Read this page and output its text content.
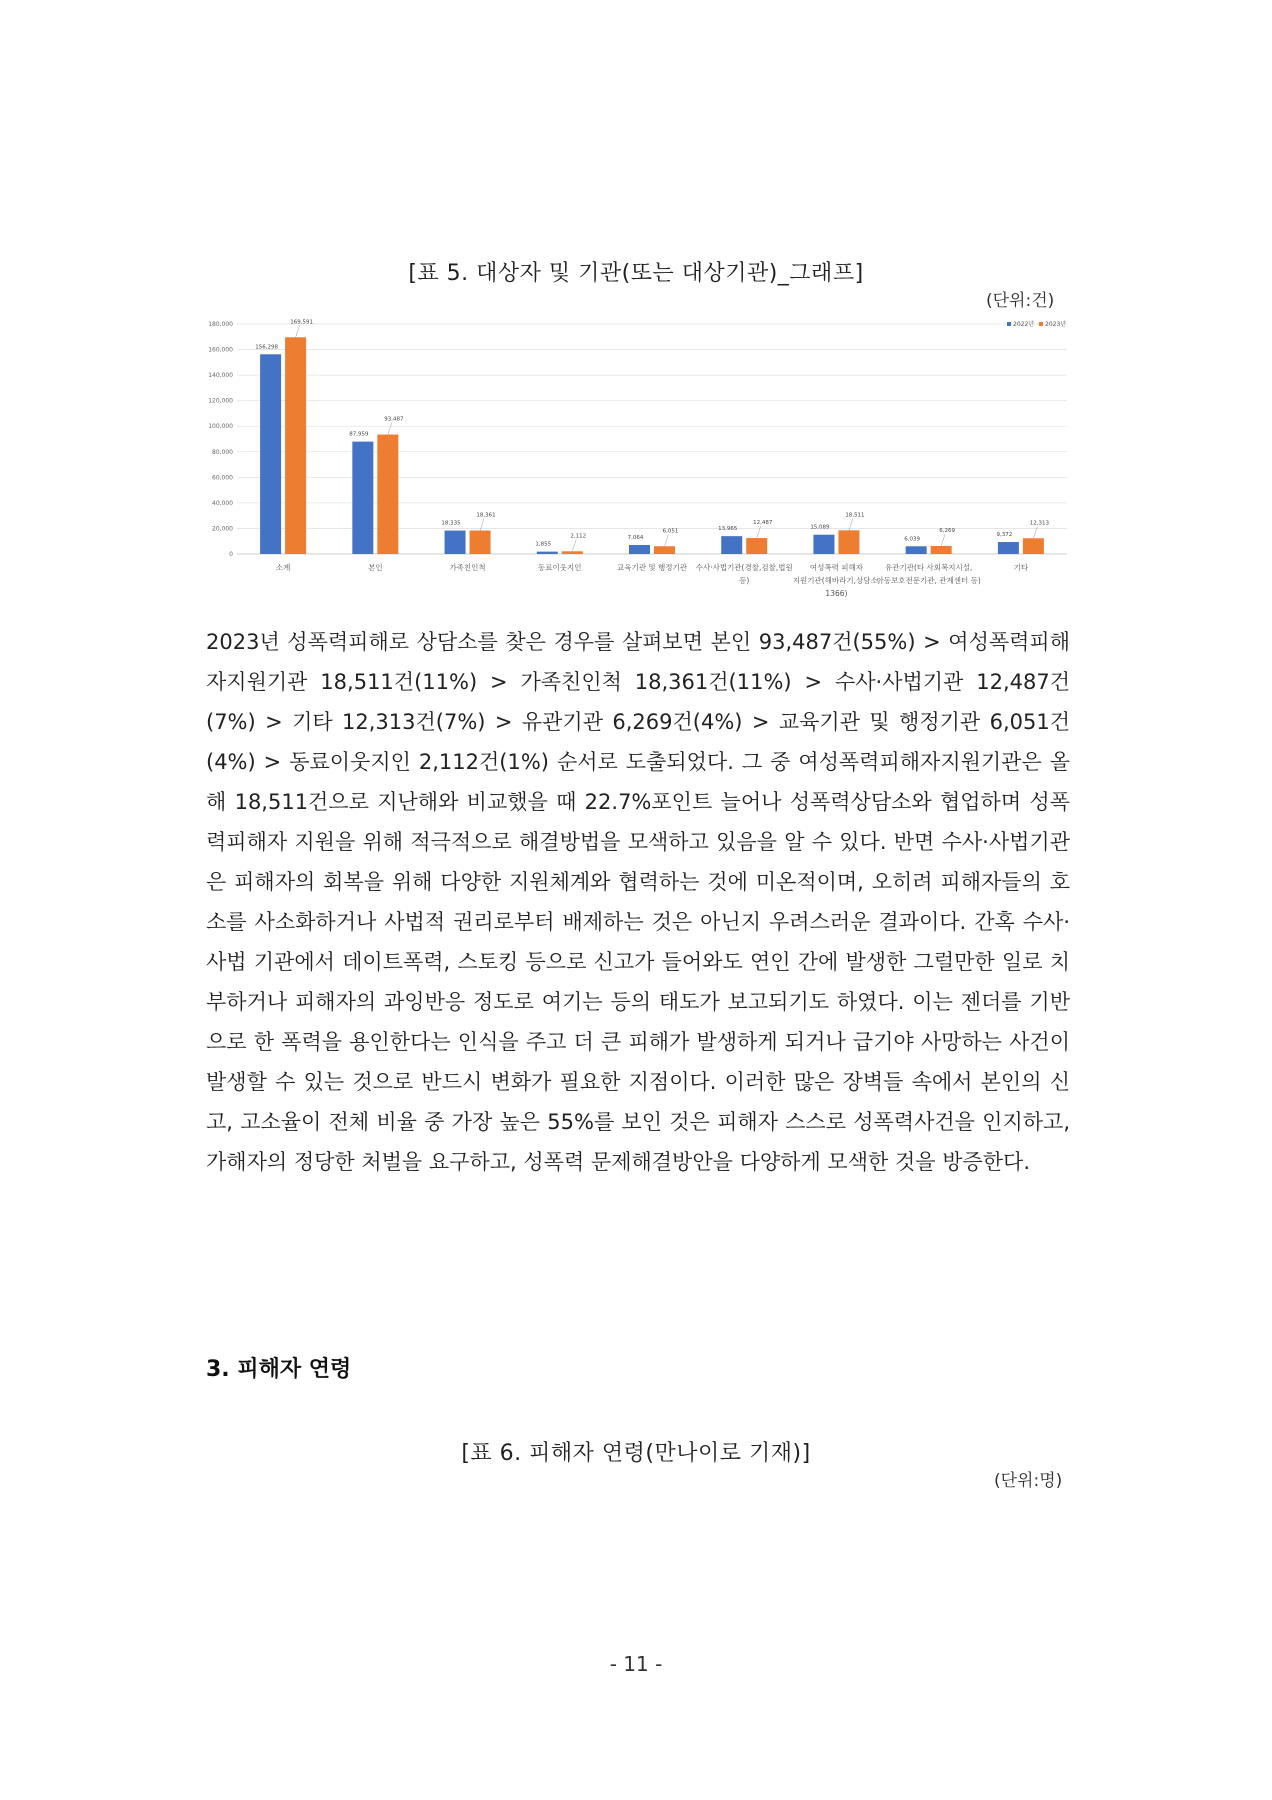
[표 5. 대상자 및 기관(또는 대상기관)_그래프]
(단위:건)
180,000
160,000
140,000
120,000
100,000
80,000
60,000
40,000
20,000
0
156,298
87,959
18,335
1,855
7,064
13,965	15,089
6,039
9,372
169,591
93,487
18,361
2,112
6,051
12,487
18,511
6,269
12,313
소계	본인	가족친인척	동료이웃지인	교육기관 및 행정기관 수사·사법기관(경찰,검찰,법원
등)
여성폭력 피해자
지원기관(해바라기,상담소,
1366)
유관기관(타 사회복지시설,
아동보호전문기관, 관계센터 등)
기타
2022년 2023년
2023년 성폭력피해로 상담소를 찾은 경우를 살펴보면 본인 93,487건(55%) > 여성폭력피해자지원기관 18,511건(11%) > 가족친인척 18,361건(11%) > 수사·사법기관 12,487건(7%) > 기타 12,313건(7%) > 유관기관 6,269건(4%) > 교육기관 및 행정기관 6,051건(4%) > 동료이웃지인 2,112건(1%) 순서로 도출되었다. 그 중 여성폭력피해자지원기관은 올해 18,511건으로 지난해와 비교했을 때 22.7%포인트 늘어나 성폭력상담소와 협업하며 성폭력피해자 지원을 위해 적극적으로 해결방법을 모색하고 있음을 알 수 있다. 반면 수사·사법기관은 피해자의 회복을 위해 다양한 지원체계와 협력하는 것에 미온적이며, 오히려 피해자들의 호소를 사소화하거나 사법적 권리로부터 배제하는 것은 아닌지 우려스러운 결과이다. 간혹 수사·사법 기관에서 데이트폭력, 스토킹 등으로 신고가 들어와도 연인 간에 발생한 그럴만한 일로 치부하거나 피해자의 과잉반응 정도로 여기는 등의 태도가 보고되기도 하였다. 이는 젠더를 기반으로 한 폭력을 용인한다는 인식을 주고 더 큰 피해가 발생하게 되거나 급기야 사망하는 사건이 발생할 수 있는 것으로 반드시 변화가 필요한 지점이다. 이러한 많은 장벽들 속에서 본인의 신고, 고소율이 전체 비율 중 가장 높은 55%를 보인 것은 피해자 스스로 성폭력사건을 인지하고, 가해자의 정당한 처벌을 요구하고, 성폭력 문제해결방안을 다양하게 모색한 것을 방증한다.
3. 피해자 연령
[표 6. 피해자 연령(만나이로 기재)]
(단위:명)
- 11 -
